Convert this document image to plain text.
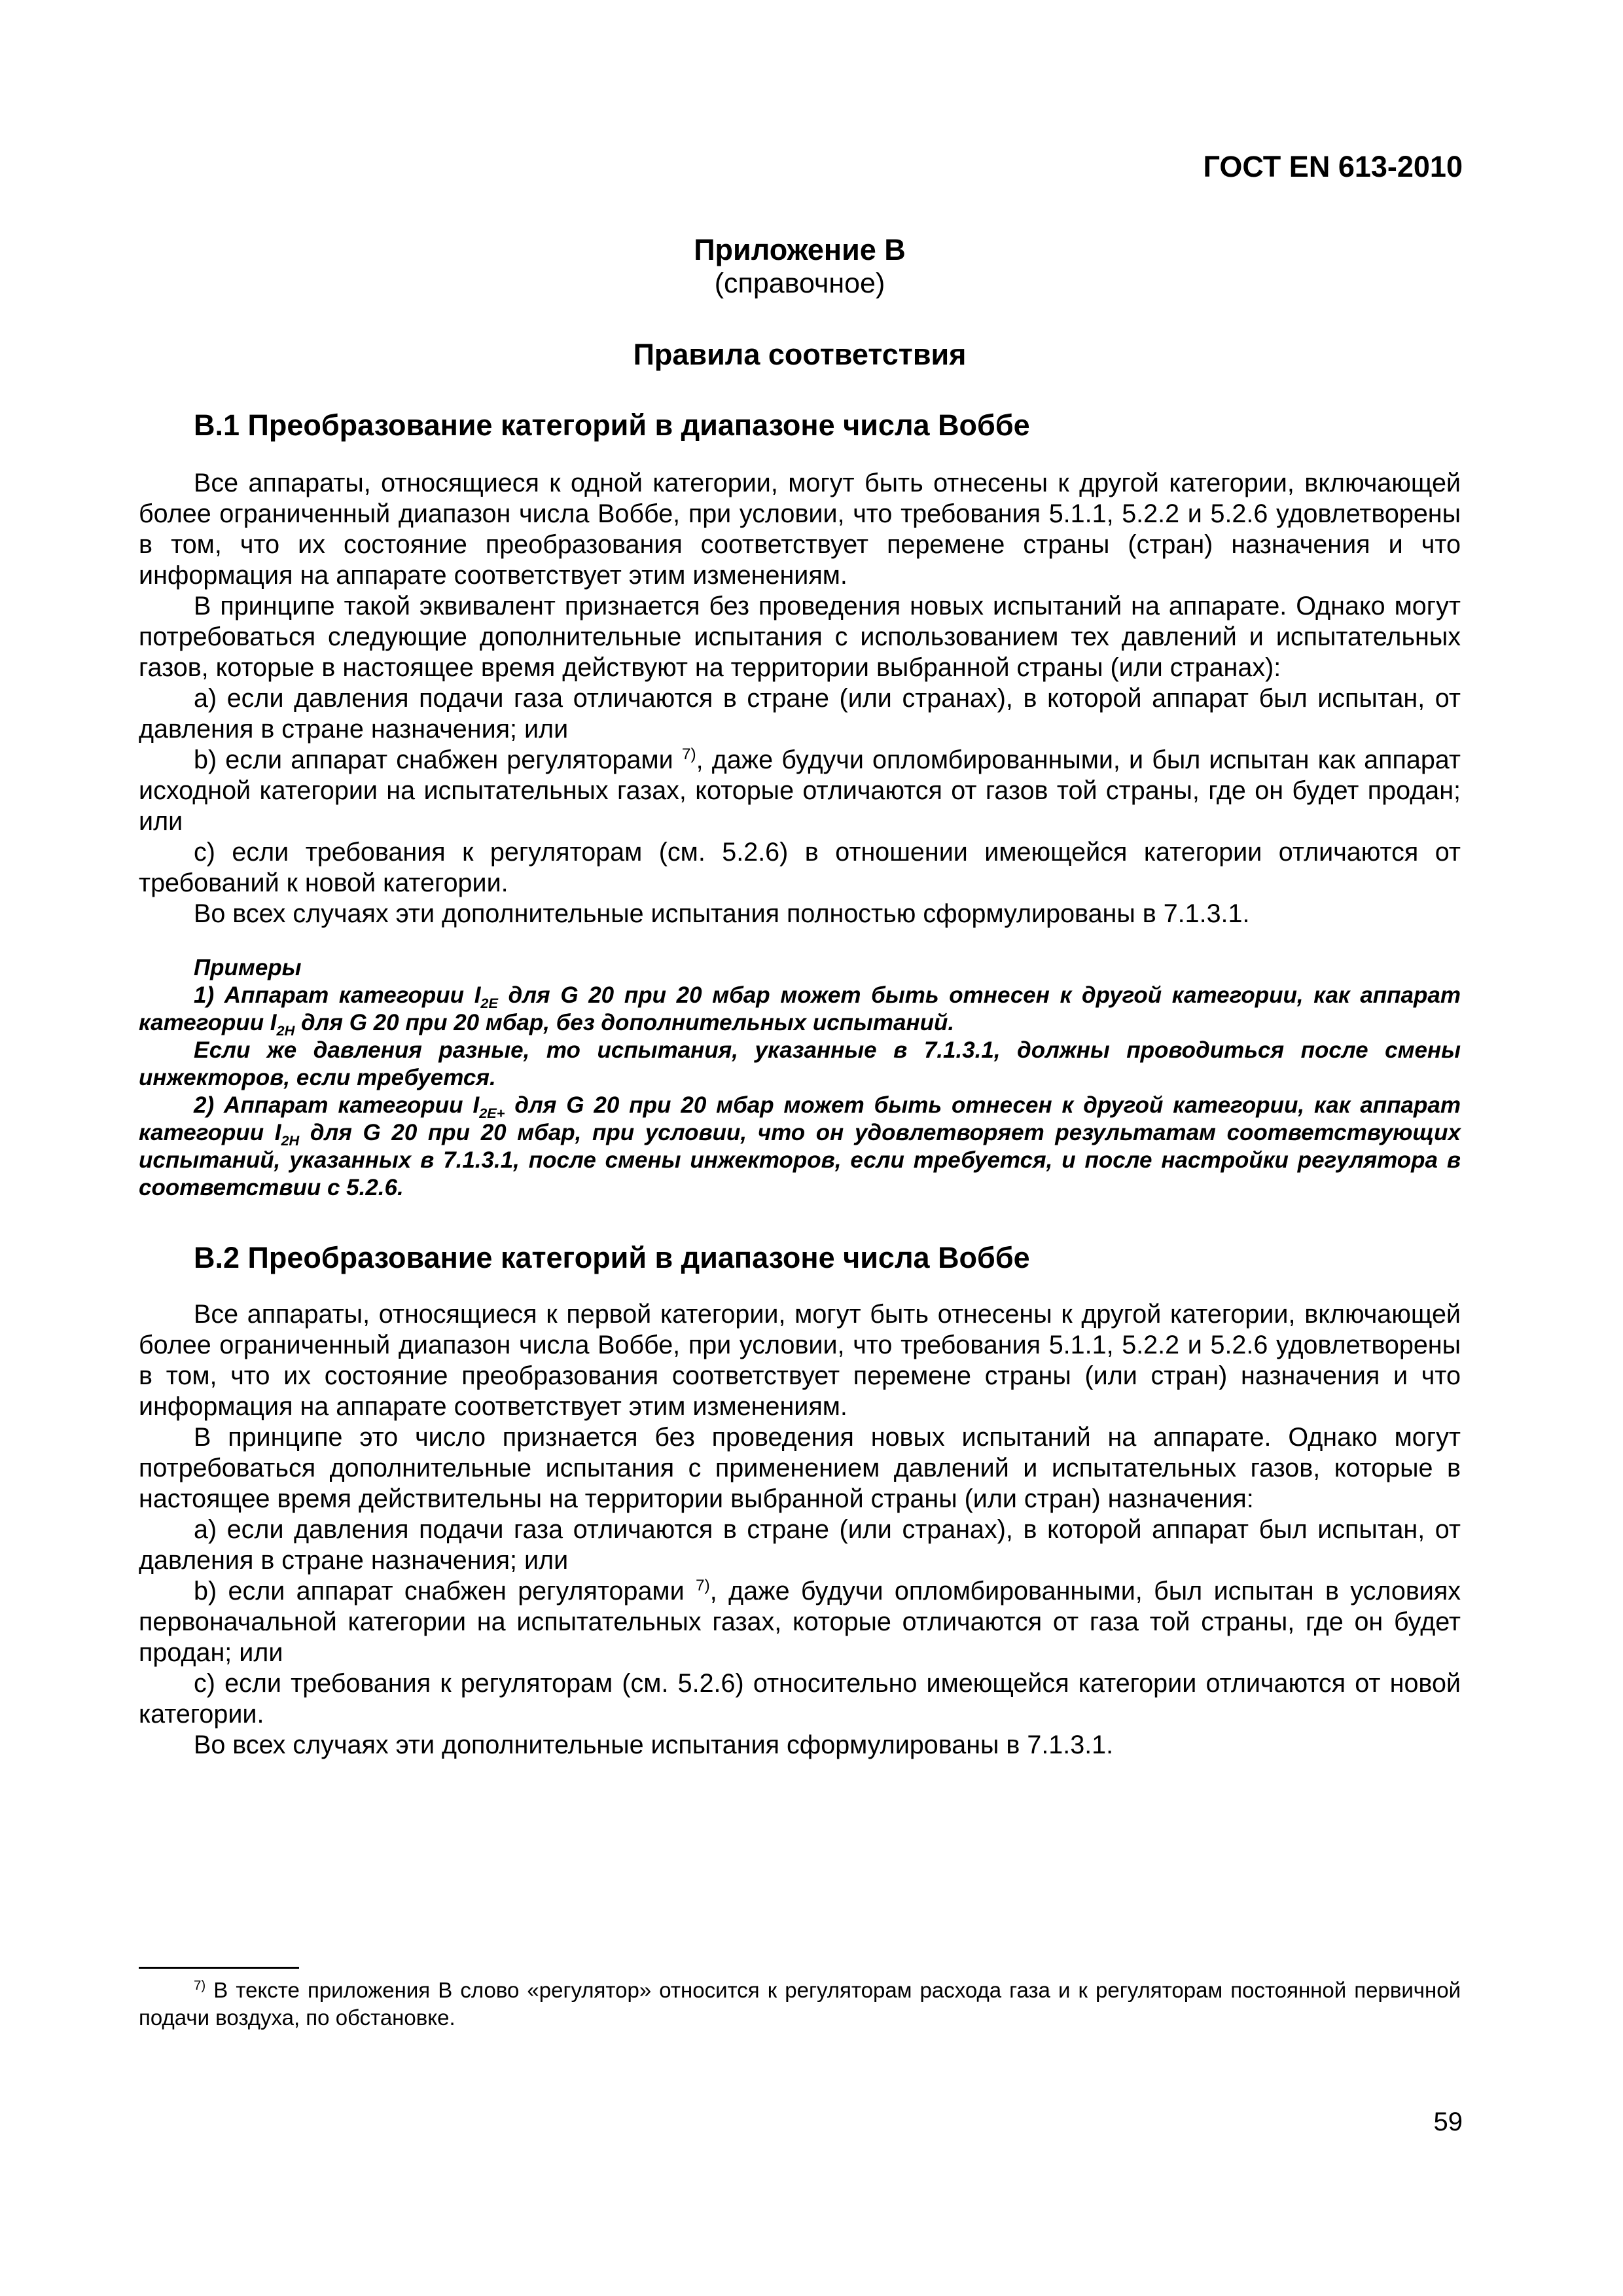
ГОСТ EN 613-2010
Приложение B
(справочное)
Правила соответствия
B.1 Преобразование категорий в диапазоне числа Воббе

Все аппараты, относящиеся к одной категории, могут быть отнесены к другой категории, включающей более ограниченный диапазон числа Воббе, при условии, что требования 5.1.1, 5.2.2 и 5.2.6 удовлетворены в том, что их состояние преобразования соответствует перемене страны (стран) назначения и что информация на аппарате соответствует этим изменениям.

В принципе такой эквивалент признается без проведения новых испытаний на аппарате. Однако могут потребоваться следующие дополнительные испытания с использованием тех давлений и испытательных газов, которые в настоящее время действуют на территории выбранной страны (или странах):

a) если давления подачи газа отличаются в стране (или странах), в которой аппарат был испытан, от давления в стране назначения; или

b) если аппарат снабжен регуляторами $^{7)}$, даже будучи опломбированными, и был испытан как аппарат исходной категории на испытательных газах, которые отличаются от газов той страны, где он будет продан; или

c) если требования к регуляторам (см. 5.2.6) в отношении имеющейся категории отличаются от требований к новой категории.

Во всех случаях эти дополнительные испытания полностью сформулированы в 7.1.3.1.

Примеры

1) Аппарат категории $I_{2E}$ для G 20 при 20 мбар может быть отнесен к другой категории, как аппарат категории $I_{2H}$ для G 20 при 20 мбар, без дополнительных испытаний.

Если же давления разные, то испытания, указанные в 7.1.3.1, должны проводиться после смены инжекторов, если требуется.

2) Аппарат категории $I_{2E+}$ для G 20 при 20 мбар может быть отнесен к другой категории, как аппарат категории $I_{2H}$ для G 20 при 20 мбар, при условии, что он удовлетворяет результатам соответствующих испытаний, указанных в 7.1.3.1, после смены инжекторов, если требуется, и после настройки регулятора в соответствии с 5.2.6.

B.2 Преобразование категорий в диапазоне числа Воббе

Все аппараты, относящиеся к первой категории, могут быть отнесены к другой категории, включающей более ограниченный диапазон числа Воббе, при условии, что требования 5.1.1, 5.2.2 и 5.2.6 удовлетворены в том, что их состояние преобразования соответствует перемене страны (или стран) назначения и что информация на аппарате соответствует этим изменениям.

В принципе это число признается без проведения новых испытаний на аппарате. Однако могут потребоваться дополнительные испытания с применением давлений и испытательных газов, которые в настоящее время действительны на территории выбранной страны (или стран) назначения:

a) если давления подачи газа отличаются в стране (или странах), в которой аппарат был испытан, от давления в стране назначения; или

b) если аппарат снабжен регуляторами $^{7)}$, даже будучи опломбированными, был испытан в условиях первоначальной категории на испытательных газах, которые отличаются от газа той страны, где он будет продан; или

c) если требования к регуляторам (см. 5.2.6) относительно имеющейся категории отличаются от новой категории.

Во всех случаях эти дополнительные испытания сформулированы в 7.1.3.1.

$^{7)}$ В тексте приложения B слово «регулятор» относится к регуляторам расхода газа и к регуляторам постоянной первичной подачи воздуха, по обстановке.
59
